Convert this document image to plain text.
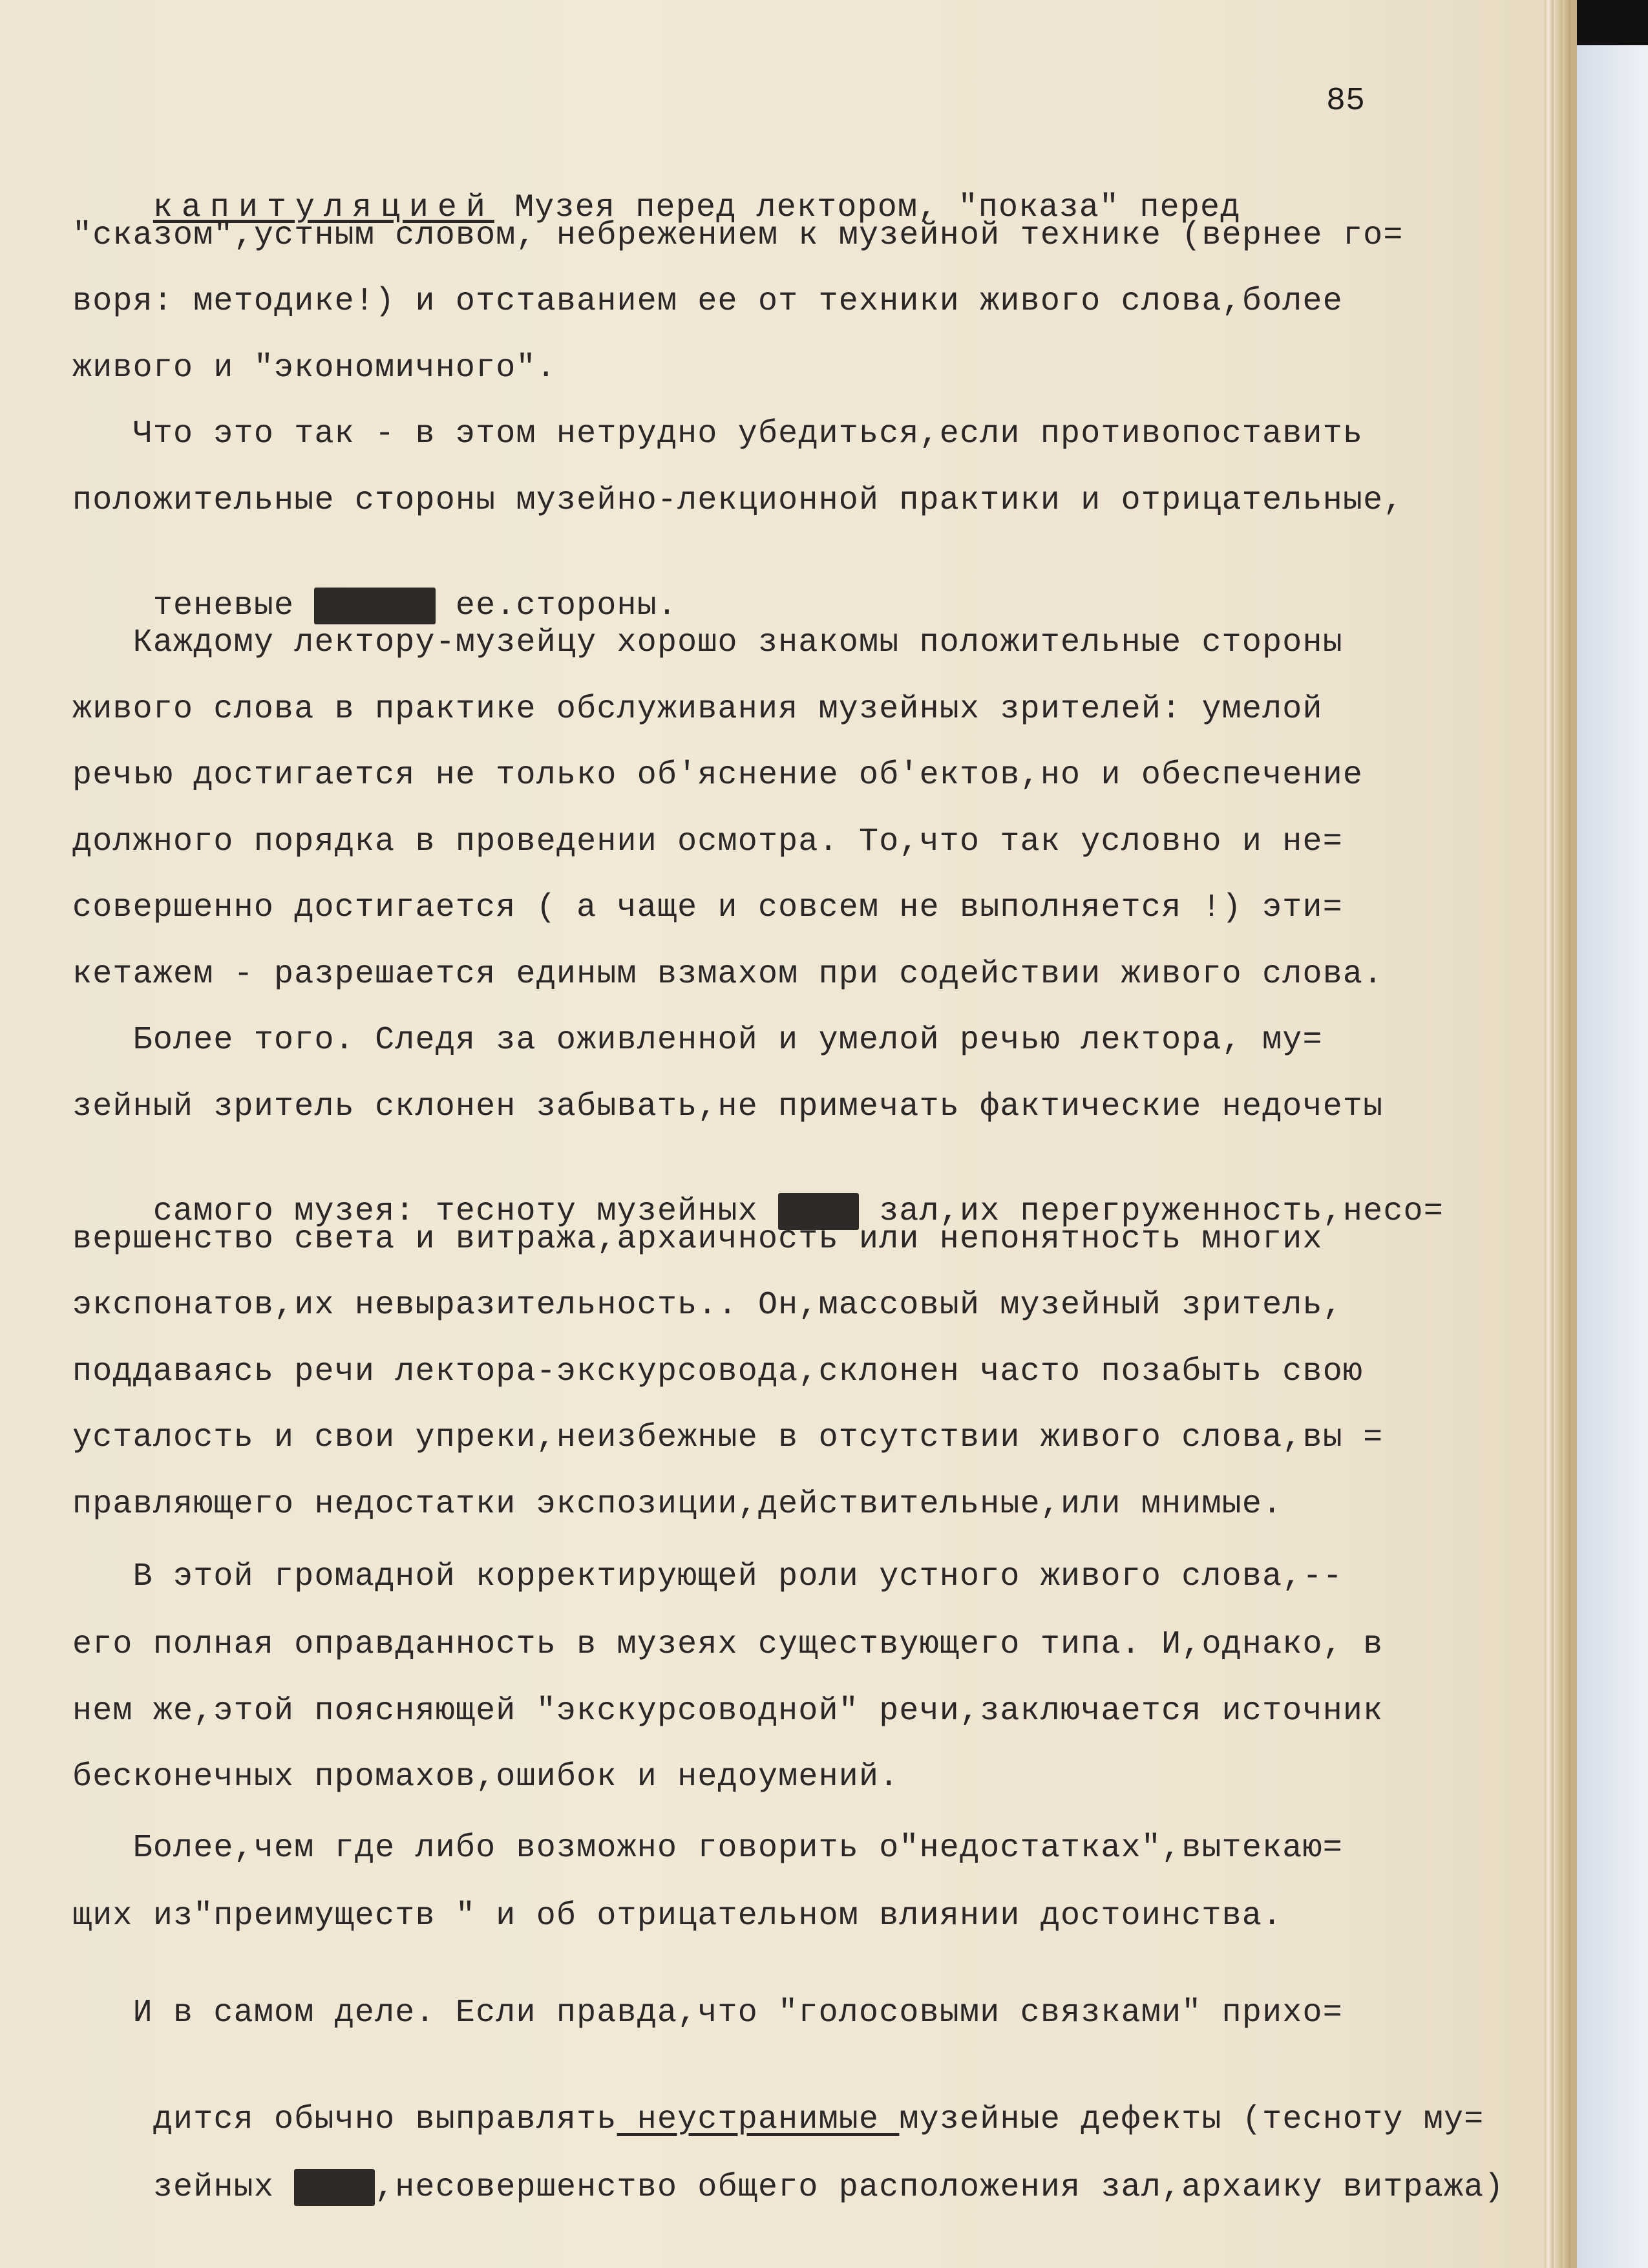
85

капитуляцией Музея перед лектором, "показа" перед

"сказом",устным словом, небрежением к музейной технике (вернее го=
воря: методике!) и отставанием ее от техники живого слова,более
живого и "экономичного".
Что это так - в этом нетрудно убедиться,если противопоставить
положительные стороны музейно-лекционной практики и отрицательные,

теневые	ее.стороны.

Каждому лектору-музейцу хорошо знакомы положительные стороны
живого слова в практике обслуживания музейных зрителей: умелой
речью достигается не только об'яснение об'ектов,но и обеспечение
должного порядка в проведении осмотра. То,что так условно и не=
совершенно достигается ( а чаще и совсем не выполняется !) эти=
кетажем - разрешается единым взмахом при содействии живого слова.
Более того. Следя за оживленной и умелой речью лектора, му=
зейный зритель склонен забывать,не примечать фактические недочеты

самого музея: тесноту музейных  зал,их перегруженность,несо=

вершенство света и витража,архаичность или непонятность многих
экспонатов,их невыразительность.. Он,массовый музейный зритель,
поддаваясь речи лектора-экскурсовода,склонен часто позабыть свою
усталость и свои упреки,неизбежные в отсутствии живого слова,вы =
правляющего недостатки экспозиции,действительные,или мнимые.
В этой громадной корректирующей роли устного живого слова,--
его полная оправданность в музеях существующего типа. И,однако, в
нем же,этой поясняющей "экскурсоводной" речи,заключается источник
бесконечных промахов,ошибок и недоумений.
Более,чем где либо возможно говорить о"недостатках",вытекаю=
щих из"преимуществ " и об отрицательном влиянии достоинства.
И в самом деле. Если правда,что "голосовыми связками" прихо=

дится обычно выправлять неустранимые музейные дефекты (тесноту му=

зейных ,несовершенство общего расположения зал,архаику витража)
